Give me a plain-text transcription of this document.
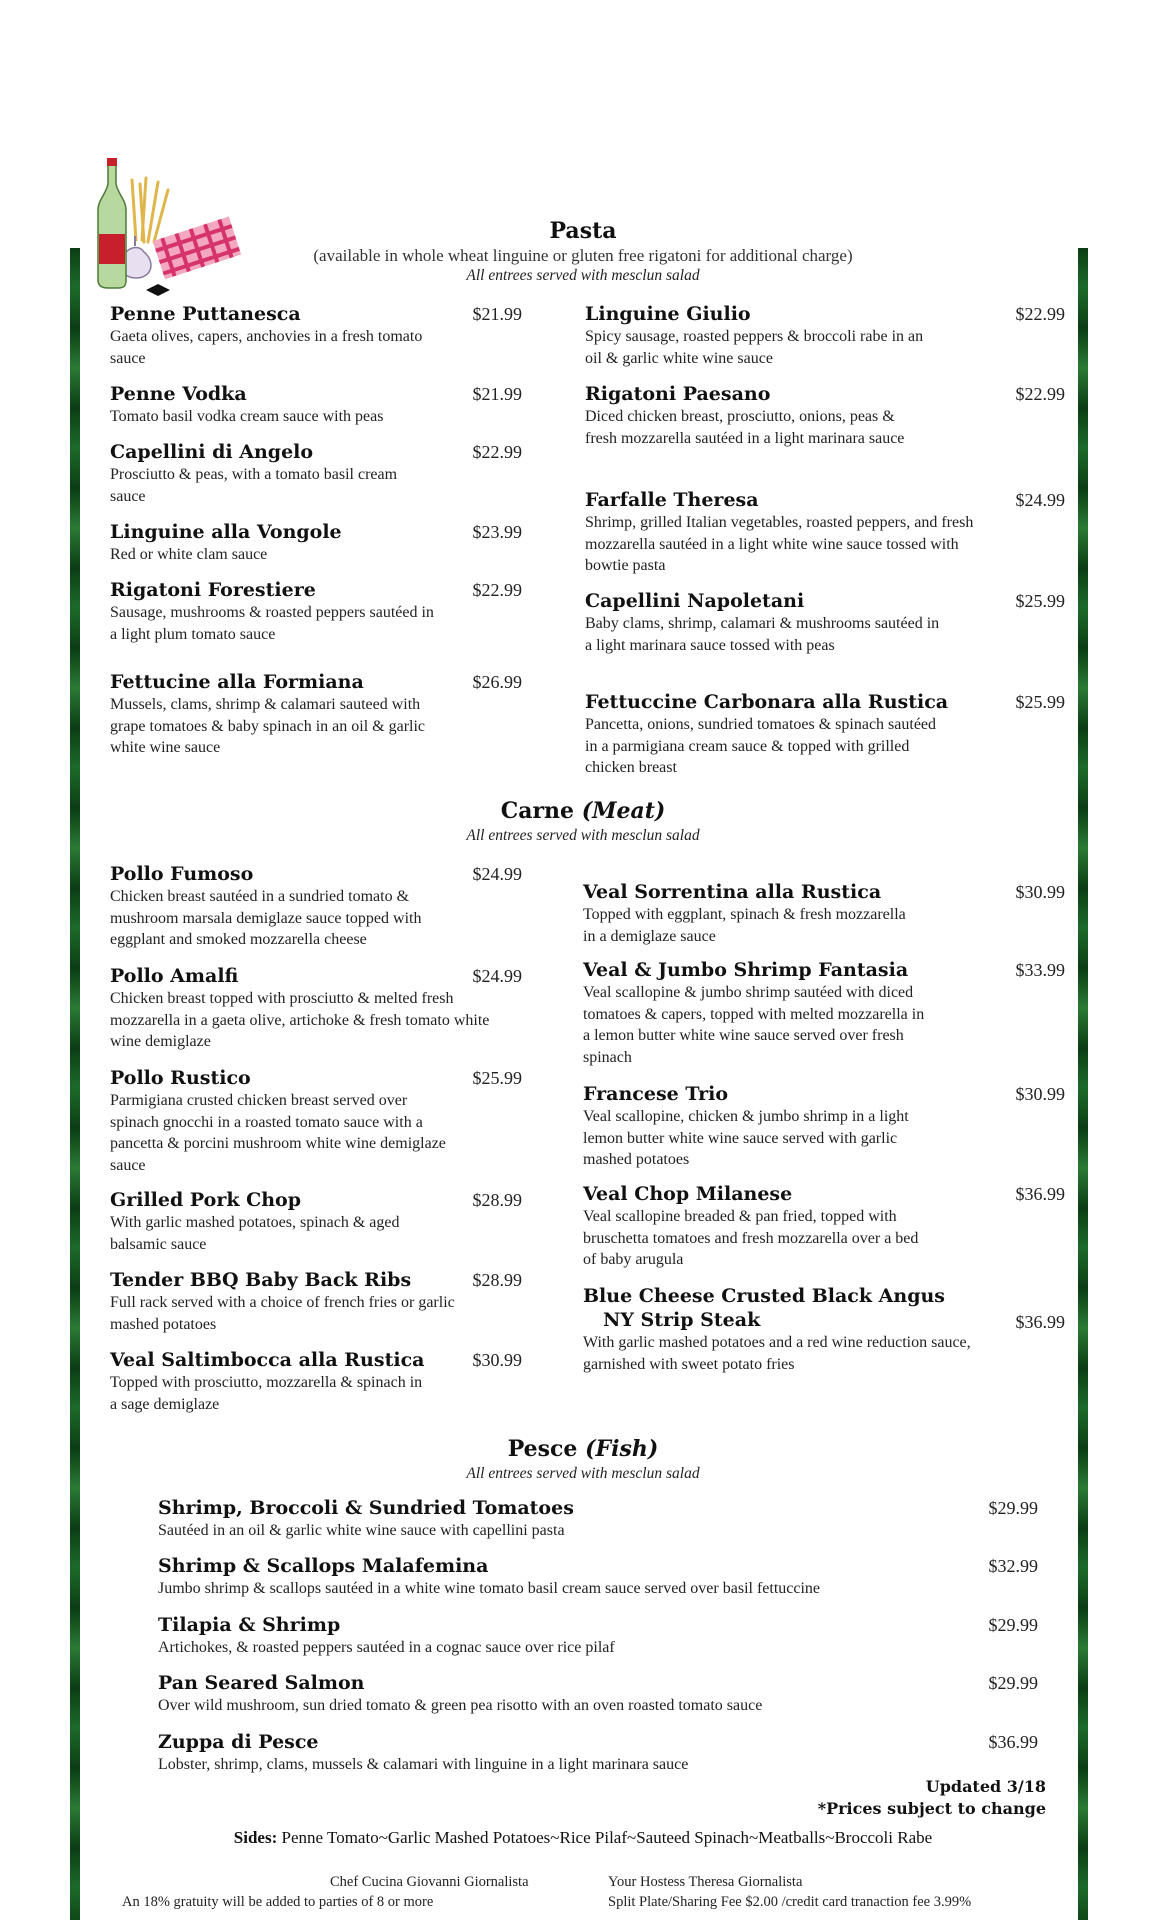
Pasta
(available in whole wheat linguine or gluten free rigatoni for additional charge)
All entrees served with mesclun salad
Penne Puttanesca	$21.99
Gaeta olives, capers, anchovies in a fresh tomato sauce
Penne Vodka	$21.99
Tomato basil vodka cream sauce with peas
Capellini di Angelo	$22.99
Prosciutto & peas, with a tomato basil cream sauce
Linguine alla Vongole	$23.99
Red or white clam sauce
Rigatoni Forestiere	$22.99
Sausage, mushrooms & roasted peppers sautéed in a light plum tomato sauce
Fettucine alla Formiana	$26.99
Mussels, clams, shrimp & calamari sauteed with grape tomatoes & baby spinach in an oil & garlic white wine sauce
Linguine Giulio	$22.99
Spicy sausage, roasted peppers & broccoli rabe in an oil & garlic white wine sauce
Rigatoni Paesano	$22.99
Diced chicken breast, prosciutto, onions, peas & fresh mozzarella sautéed in a light marinara sauce
Farfalle Theresa	$24.99
Shrimp, grilled Italian vegetables, roasted peppers, and fresh mozzarella sautéed in a light white wine sauce tossed with bowtie pasta
Capellini Napoletani	$25.99
Baby clams, shrimp, calamari & mushrooms sautéed in a light marinara sauce tossed with peas
Fettuccine Carbonara alla Rustica	$25.99
Pancetta, onions, sundried tomatoes & spinach sautéed in a parmigiana cream sauce & topped with grilled chicken breast
Carne (Meat)
All entrees served with mesclun salad
Pollo Fumoso	$24.99
Chicken breast sautéed in a sundried tomato & mushroom marsala demiglaze sauce topped with eggplant and smoked mozzarella cheese
Pollo Amalfi	$24.99
Chicken breast topped with prosciutto & melted fresh mozzarella in a gaeta olive, artichoke & fresh tomato white wine demiglaze
Pollo Rustico	$25.99
Parmigiana crusted chicken breast served over spinach gnocchi in a roasted tomato sauce with a pancetta & porcini mushroom white wine demiglaze sauce
Grilled Pork Chop	$28.99
With garlic mashed potatoes, spinach & aged balsamic sauce
Tender BBQ Baby Back Ribs	$28.99
Full rack served with a choice of french fries or garlic mashed potatoes
Veal Saltimbocca alla Rustica	$30.99
Topped with prosciutto, mozzarella & spinach in a sage demiglaze
Veal Sorrentina alla Rustica	$30.99
Topped with eggplant, spinach & fresh mozzarella in a demiglaze sauce
Veal & Jumbo Shrimp Fantasia	$33.99
Veal scallopine & jumbo shrimp sautéed with diced tomatoes & capers, topped with melted mozzarella in a lemon butter white wine sauce served over fresh spinach
Francese Trio	$30.99
Veal scallopine, chicken & jumbo shrimp in a light lemon butter white wine sauce served with garlic mashed potatoes
Veal Chop Milanese	$36.99
Veal scallopine breaded & pan fried, topped with bruschetta tomatoes and fresh mozzarella over a bed of baby arugula
Blue Cheese Crusted Black Angus
NY Strip Steak	$36.99
With garlic mashed potatoes and a red wine reduction sauce, garnished with sweet potato fries
Pesce (Fish)
All entrees served with mesclun salad
Shrimp, Broccoli & Sundried Tomatoes	$29.99
Sautéed in an oil & garlic white wine sauce with capellini pasta
Shrimp & Scallops Malafemina	$32.99
Jumbo shrimp & scallops sautéed in a white wine tomato basil cream sauce served over basil fettuccine
Tilapia & Shrimp	$29.99
Artichokes, & roasted peppers sautéed in a cognac sauce over rice pilaf
Pan Seared Salmon	$29.99
Over wild mushroom, sun dried tomato & green pea risotto with an oven roasted tomato sauce
Zuppa di Pesce	$36.99
Lobster, shrimp, clams, mussels & calamari with linguine in a light marinara sauce
Updated 3/18
*Prices subject to change
Sides: Penne Tomato~Garlic Mashed Potatoes~Rice Pilaf~Sauteed Spinach~Meatballs~Broccoli Rabe
Chef Cucina Giovanni Giornalista
An 18% gratuity will be added to parties of 8 or more
Your Hostess Theresa Giornalista
Split Plate/Sharing Fee $2.00 /credit card tranaction fee 3.99%
